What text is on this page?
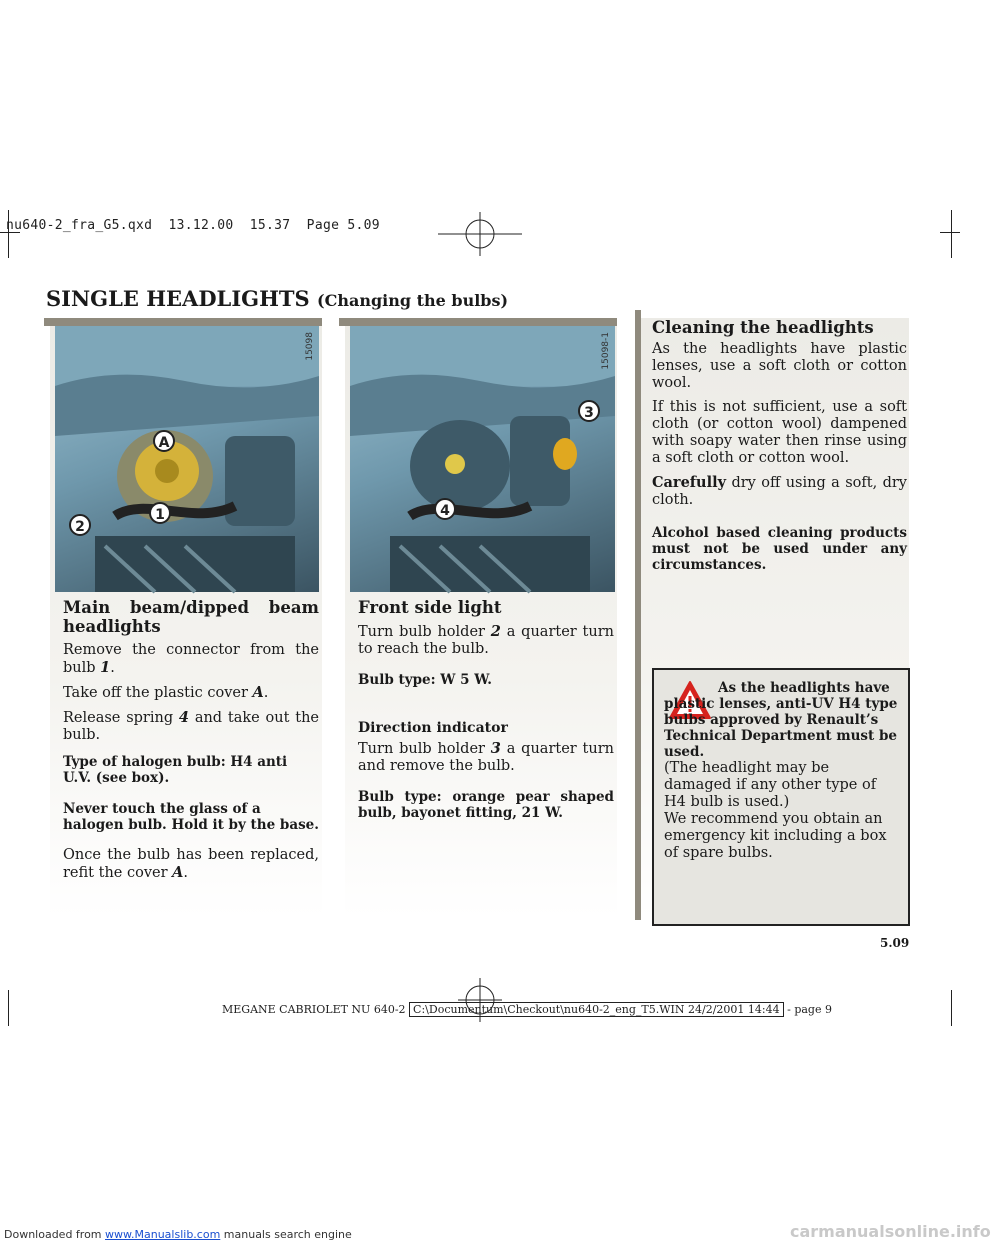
nu640-2_fra_G5.qxd  13.12.00  15.37  Page 5.09
SINGLE HEADLIGHTS (Changing the bulbs)
15098
A
2
1
Main beam/dipped beam headlights

Remove the connector from the bulb 1.

Take off the plastic cover A.

Release spring 4 and take out the bulb.

Type of halogen bulb: H4 anti U.V. (see box).

Never touch the glass of a halogen bulb. Hold it by the base.

Once the bulb has been replaced, refit the cover A.

15098-1
3
4
Front side light

Turn bulb holder 2 a quarter turn to reach the bulb.

Bulb type: W 5 W.

Direction indicator

Turn bulb holder 3 a quarter turn and remove the bulb.

Bulb type: orange pear shaped bulb, bayonet fitting, 21 W.

Cleaning the headlights

As the headlights have plastic lenses, use a soft cloth or cotton wool.

If this is not sufficient, use a soft cloth (or cotton wool) dampened with soapy water then rinse using a soft cloth or cotton wool.

Carefully dry off using a soft, dry cloth.

Alcohol based cleaning products must not be used under any circumstances.

As the headlights have plastic lenses, anti-UV H4 type bulbs approved by Renault’s Technical Department must be used.

(The headlight may be damaged if any other type of H4 bulb is used.)

We recommend you obtain an emergency kit including a box of spare bulbs.

5.09
MEGANE CABRIOLET NU 640-2 C:\Documentum\Checkout\nu640-2_eng_T5.WIN 24/2/2001 14:44 - page 9
Downloaded from www.Manualslib.com manuals search engine	carmanualsonline.info
